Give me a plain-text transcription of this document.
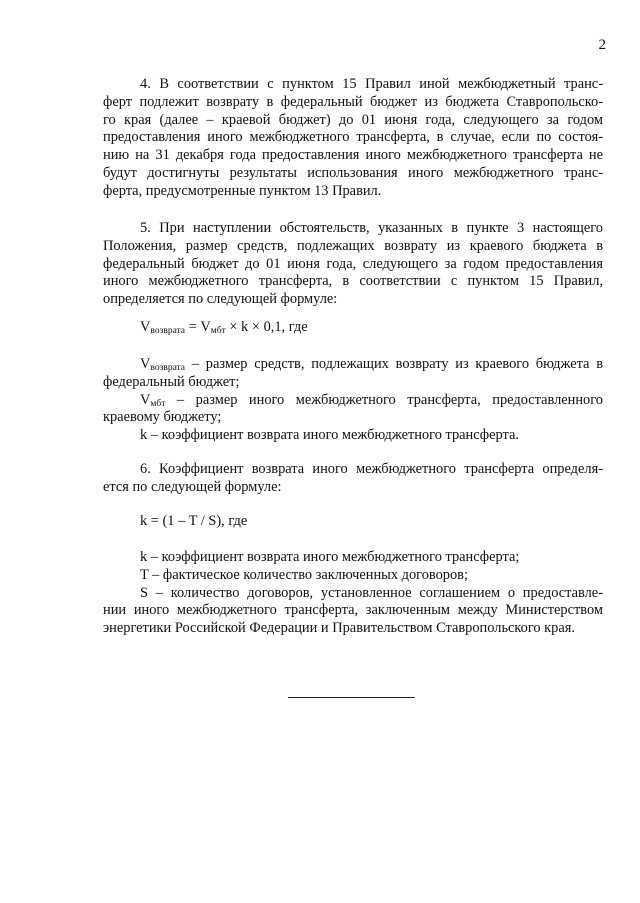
2
4. В соответствии с пунктом 15 Правил иной межбюджетный транс-
ферт подлежит возврату в федеральный бюджет из бюджета Ставропольско-
го края (далее – краевой бюджет) до 01 июня года, следующего за годом
предоставления иного межбюджетного трансферта, в случае, если по состоя-
нию на 31 декабря года предоставления иного межбюджетного трансферта не
будут достигнуты результаты использования иного межбюджетного транс-
ферта, предусмотренные пунктом 13 Правил.
5. При наступлении обстоятельств, указанных в пункте 3 настоящего
Положения, размер средств, подлежащих возврату из краевого бюджета в
федеральный бюджет до 01 июня года, следующего за годом предоставления
иного межбюджетного трансферта, в соответствии с пунктом 15 Правил,
определяется по следующей формуле:
$V_{возврата} = V_{мбт} \times k \times 0,1$, где
$V_{возврата}$ – размер средств, подлежащих возврату из краевого бюджета в
федеральный бюджет;
$V_{мбт}$ – размер иного межбюджетного трансферта, предоставленного
краевому бюджету;
k – коэффициент возврата иного межбюджетного трансферта.
6. Коэффициент возврата иного межбюджетного трансферта определя-
ется по следующей формуле:
k = (1 – T / S), где
k – коэффициент возврата иного межбюджетного трансферта;
T – фактическое количество заключенных договоров;
S – количество договоров, установленное соглашением о предоставле-
нии иного межбюджетного трансферта, заключенным между Министерством
энергетики Российской Федерации и Правительством Ставропольского края.
